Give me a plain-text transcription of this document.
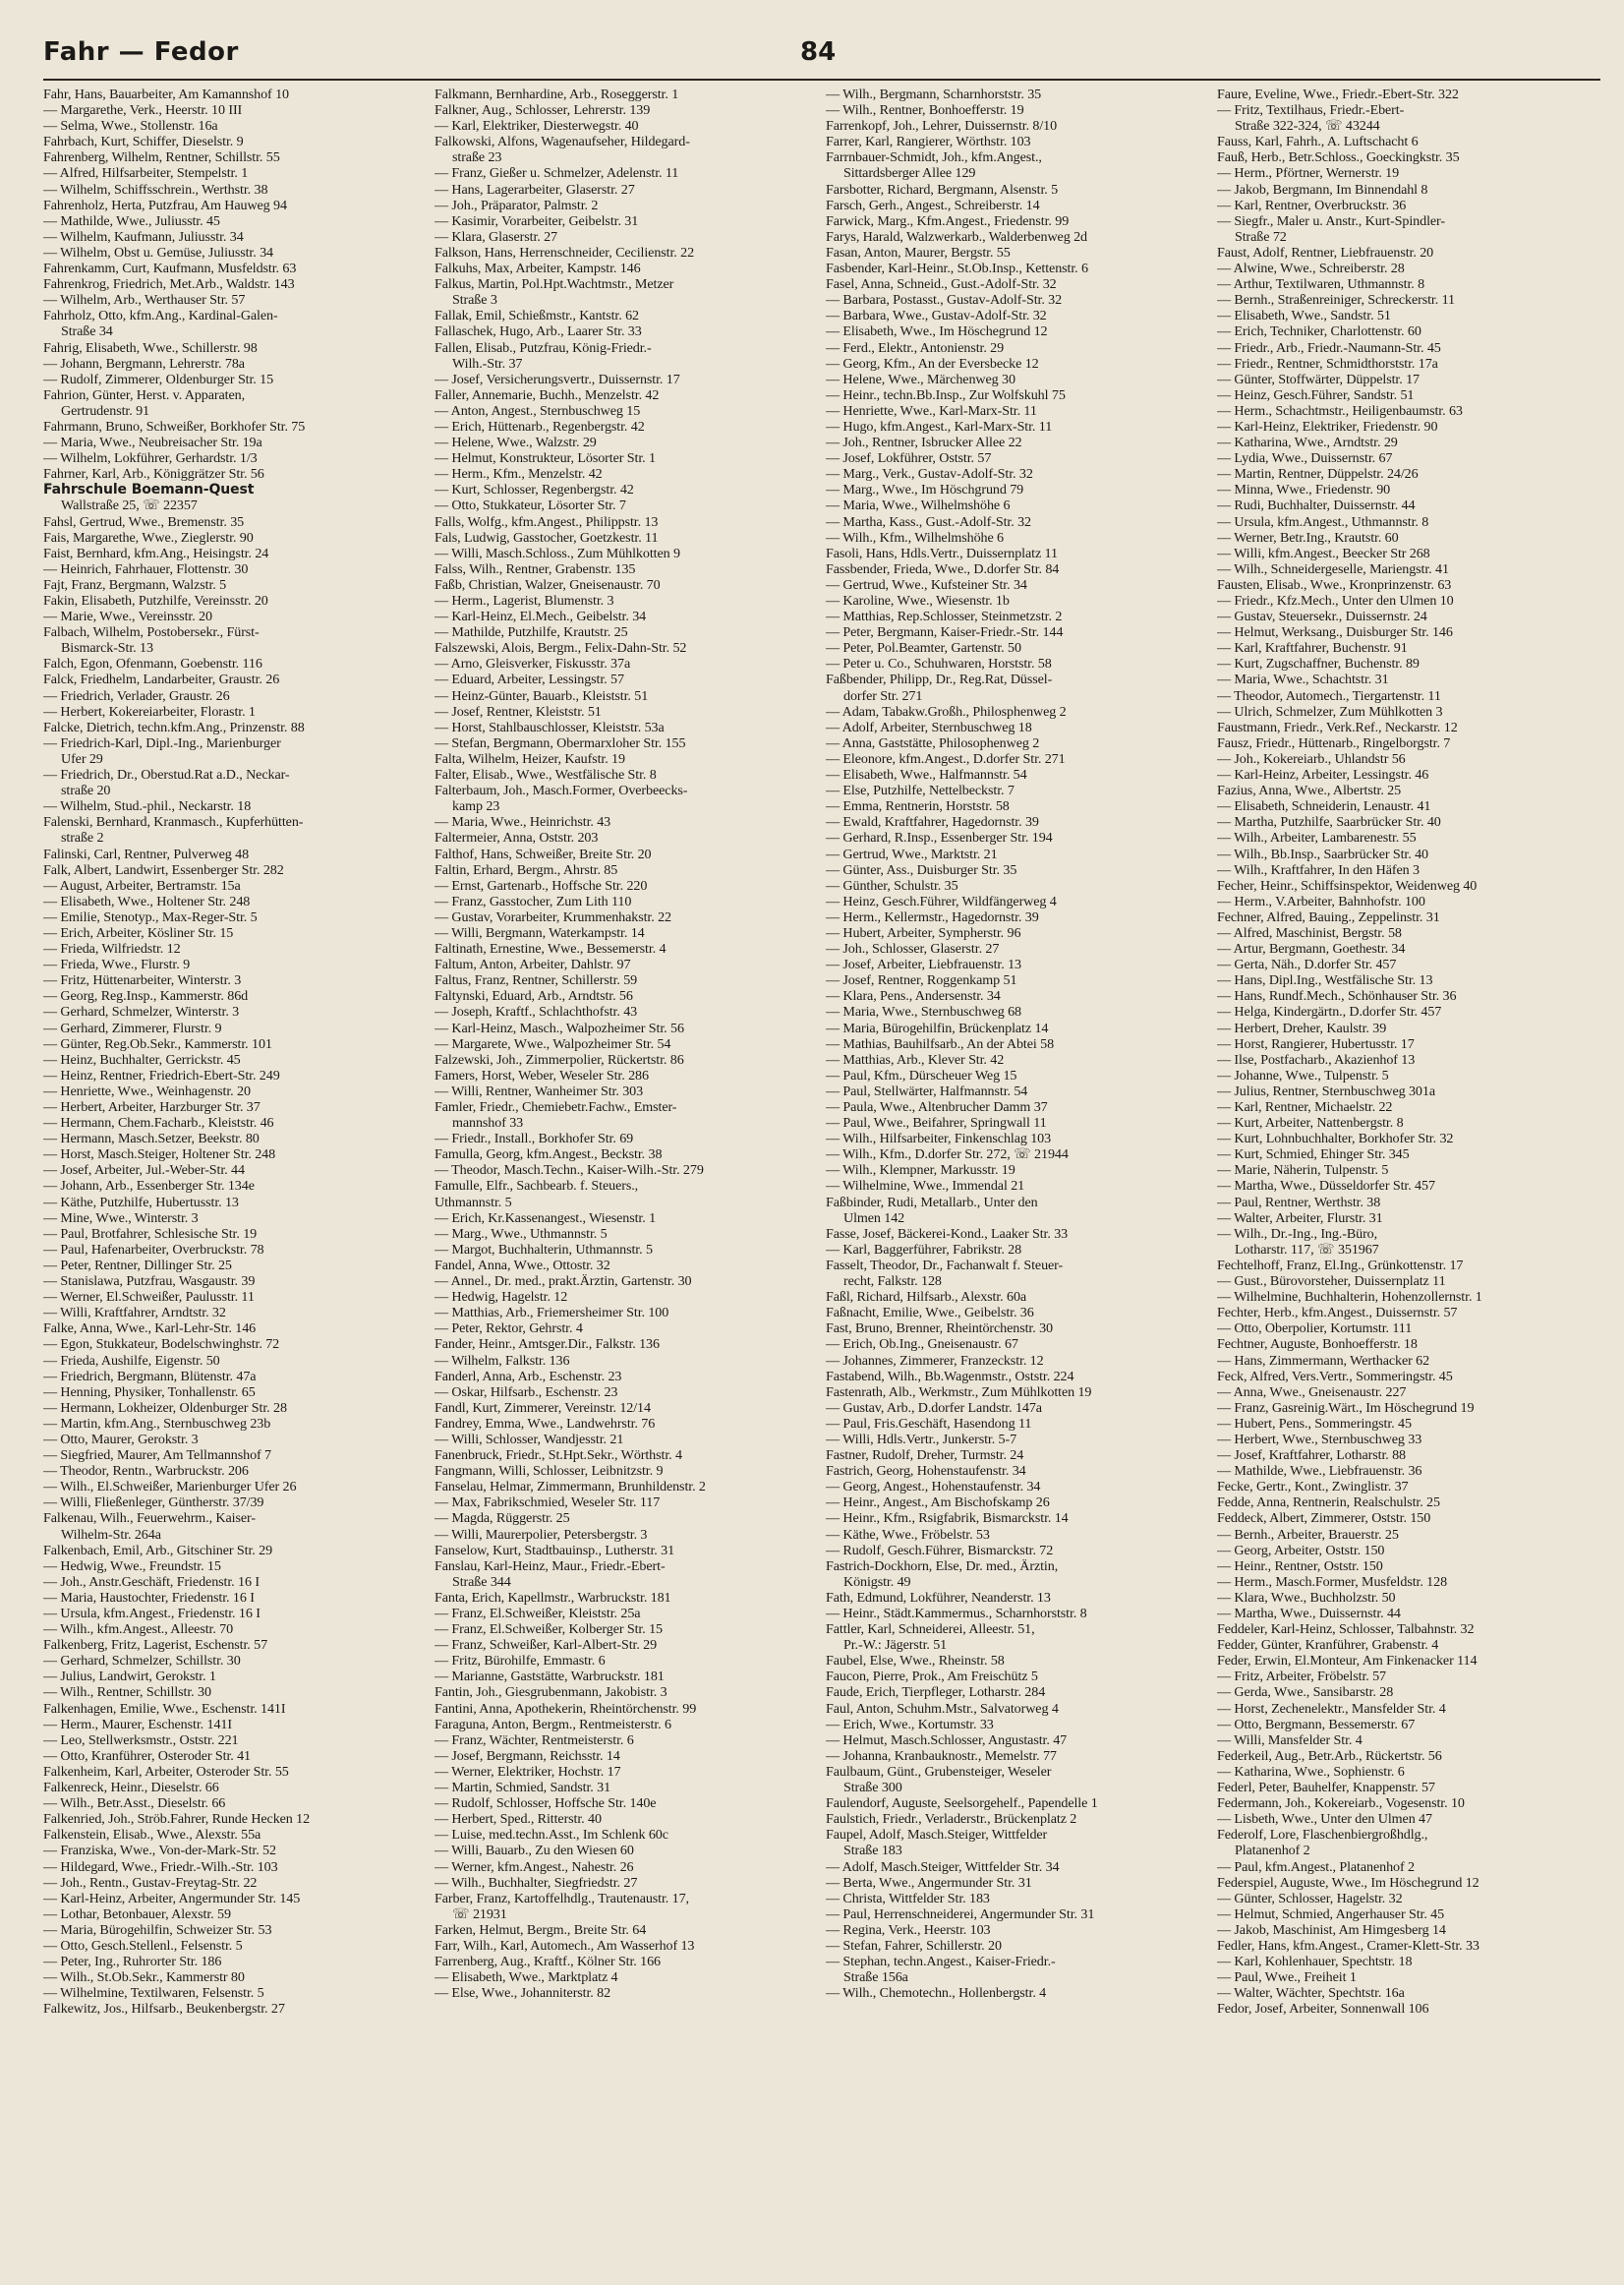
Fahr — Fedor	84
Fahr, Hans, Bauarbeiter, Am Kamannshof 10
— Margarethe, Verk., Heerstr. 10 III
— Selma, Wwe., Stollenstr. 16a
Fahrbach, Kurt, Schiffer, Dieselstr. 9
Fahrenberg, Wilhelm, Rentner, Schillstr. 55
— Alfred, Hilfsarbeiter, Stempelstr. 1
— Wilhelm, Schiffsschrein., Werthstr. 38
Fahrenholz, Herta, Putzfrau, Am Hauweg 94
— Mathilde, Wwe., Juliusstr. 45
— Wilhelm, Kaufmann, Juliusstr. 34
— Wilhelm, Obst u. Gemüse, Juliusstr. 34
Fahrenkamm, Curt, Kaufmann, Musfeldstr. 63
Fahrenkrog, Friedrich, Met.Arb., Waldstr. 143
— Wilhelm, Arb., Werthauser Str. 57
Fahrholz, Otto, kfm.Ang., Kardinal-Galen-
Straße 34
Fahrig, Elisabeth, Wwe., Schillerstr. 98
— Johann, Bergmann, Lehrerstr. 78a
— Rudolf, Zimmerer, Oldenburger Str. 15
Fahrion, Günter, Herst. v. Apparaten,
Gertrudenstr. 91
Fahrmann, Bruno, Schweißer, Borkhofer Str. 75
— Maria, Wwe., Neubreisacher Str. 19a
— Wilhelm, Lokführer, Gerhardstr. 1/3
Fahrner, Karl, Arb., Königgrätzer Str. 56
Fahrschule Boemann-Quest
Wallstraße 25, ☏ 22357
Fahsl, Gertrud, Wwe., Bremenstr. 35
Fais, Margarethe, Wwe., Zieglerstr. 90
Faist, Bernhard, kfm.Ang., Heisingstr. 24
— Heinrich, Fahrhauer, Flottenstr. 30
Fajt, Franz, Bergmann, Walzstr. 5
Fakin, Elisabeth, Putzhilfe, Vereinsstr. 20
— Marie, Wwe., Vereinsstr. 20
Falbach, Wilhelm, Postobersekr., Fürst-
Bismarck-Str. 13
Falch, Egon, Ofenmann, Goebenstr. 116
Falck, Friedhelm, Landarbeiter, Graustr. 26
— Friedrich, Verlader, Graustr. 26
— Herbert, Kokereiarbeiter, Florastr. 1
Falcke, Dietrich, techn.kfm.Ang., Prinzenstr. 88
— Friedrich-Karl, Dipl.-Ing., Marienburger
Ufer 29
— Friedrich, Dr., Oberstud.Rat a.D., Neckar-
straße 20
— Wilhelm, Stud.-phil., Neckarstr. 18
Falenski, Bernhard, Kranmasch., Kupferhütten-
straße 2
Falinski, Carl, Rentner, Pulverweg 48
Falk, Albert, Landwirt, Essenberger Str. 282
— August, Arbeiter, Bertramstr. 15a
— Elisabeth, Wwe., Holtener Str. 248
— Emilie, Stenotyp., Max-Reger-Str. 5
— Erich, Arbeiter, Kösliner Str. 15
— Frieda, Wilfriedstr. 12
— Frieda, Wwe., Flurstr. 9
— Fritz, Hüttenarbeiter, Winterstr. 3
— Georg, Reg.Insp., Kammerstr. 86d
— Gerhard, Schmelzer, Winterstr. 3
— Gerhard, Zimmerer, Flurstr. 9
— Günter, Reg.Ob.Sekr., Kammerstr. 101
— Heinz, Buchhalter, Gerrickstr. 45
— Heinz, Rentner, Friedrich-Ebert-Str. 249
— Henriette, Wwe., Weinhagenstr. 20
— Herbert, Arbeiter, Harzburger Str. 37
— Hermann, Chem.Facharb., Kleiststr. 46
— Hermann, Masch.Setzer, Beekstr. 80
— Horst, Masch.Steiger, Holtener Str. 248
— Josef, Arbeiter, Jul.-Weber-Str. 44
— Johann, Arb., Essenberger Str. 134e
— Käthe, Putzhilfe, Hubertusstr. 13
— Mine, Wwe., Winterstr. 3
— Paul, Brotfahrer, Schlesische Str. 19
— Paul, Hafenarbeiter, Overbruckstr. 78
— Peter, Rentner, Dillinger Str. 25
— Stanislawa, Putzfrau, Wasgaustr. 39
— Werner, El.Schweißer, Paulusstr. 11
— Willi, Kraftfahrer, Arndtstr. 32
Falke, Anna, Wwe., Karl-Lehr-Str. 146
— Egon, Stukkateur, Bodelschwinghstr. 72
— Frieda, Aushilfe, Eigenstr. 50
— Friedrich, Bergmann, Blütenstr. 47a
— Henning, Physiker, Tonhallenstr. 65
— Hermann, Lokheizer, Oldenburger Str. 28
— Martin, kfm.Ang., Sternbuschweg 23b
— Otto, Maurer, Gerokstr. 3
— Siegfried, Maurer, Am Tellmannshof 7
— Theodor, Rentn., Warbruckstr. 206
— Wilh., El.Schweißer, Marienburger Ufer 26
— Willi, Fließenleger, Güntherstr. 37/39
Falkenau, Wilh., Feuerwehrm., Kaiser-
Wilhelm-Str. 264a
Falkenbach, Emil, Arb., Gitschiner Str. 29
— Hedwig, Wwe., Freundstr. 15
— Joh., Anstr.Geschäft, Friedenstr. 16 I
— Maria, Haustochter, Friedenstr. 16 I
— Ursula, kfm.Angest., Friedenstr. 16 I
— Wilh., kfm.Angest., Alleestr. 70
Falkenberg, Fritz, Lagerist, Eschenstr. 57
— Gerhard, Schmelzer, Schillstr. 30
— Julius, Landwirt, Gerokstr. 1
— Wilh., Rentner, Schillstr. 30
Falkenhagen, Emilie, Wwe., Eschenstr. 141I
— Herm., Maurer, Eschenstr. 141I
— Leo, Stellwerksmstr., Oststr. 221
— Otto, Kranführer, Osteroder Str. 41
Falkenheim, Karl, Arbeiter, Osteroder Str. 55
Falkenreck, Heinr., Dieselstr. 66
— Wilh., Betr.Asst., Dieselstr. 66
Falkenried, Joh., Ströb.Fahrer, Runde Hecken 12
Falkenstein, Elisab., Wwe., Alexstr. 55a
— Franziska, Wwe., Von-der-Mark-Str. 52
— Hildegard, Wwe., Friedr.-Wilh.-Str. 103
— Joh., Rentn., Gustav-Freytag-Str. 22
— Karl-Heinz, Arbeiter, Angermunder Str. 145
— Lothar, Betonbauer, Alexstr. 59
— Maria, Bürogehilfin, Schweizer Str. 53
— Otto, Gesch.Stellenl., Felsenstr. 5
— Peter, Ing., Ruhrorter Str. 186
— Wilh., St.Ob.Sekr., Kammerstr 80
— Wilhelmine, Textilwaren, Felsenstr. 5
Falkewitz, Jos., Hilfsarb., Beukenbergstr. 27
Falkmann, Bernhardine, Arb., Roseggerstr. 1
Falkner, Aug., Schlosser, Lehrerstr. 139
— Karl, Elektriker, Diesterwegstr. 40
Falkowski, Alfons, Wagenaufseher, Hildegard-
straße 23
— Franz, Gießer u. Schmelzer, Adelenstr. 11
— Hans, Lagerarbeiter, Glaserstr. 27
— Joh., Präparator, Palmstr. 2
— Kasimir, Vorarbeiter, Geibelstr. 31
— Klara, Glaserstr. 27
Falkson, Hans, Herrenschneider, Cecilienstr. 22
Falkuhs, Max, Arbeiter, Kampstr. 146
Falkus, Martin, Pol.Hpt.Wachtmstr., Metzer
Straße 3
Fallak, Emil, Schießmstr., Kantstr. 62
Fallaschek, Hugo, Arb., Laarer Str. 33
Fallen, Elisab., Putzfrau, König-Friedr.-
Wilh.-Str. 37
— Josef, Versicherungsvertr., Duissernstr. 17
Faller, Annemarie, Buchh., Menzelstr. 42
— Anton, Angest., Sternbuschweg 15
— Erich, Hüttenarb., Regenbergstr. 42
— Helene, Wwe., Walzstr. 29
— Helmut, Konstrukteur, Lösorter Str. 1
— Herm., Kfm., Menzelstr. 42
— Kurt, Schlosser, Regenbergstr. 42
— Otto, Stukkateur, Lösorter Str. 7
Falls, Wolfg., kfm.Angest., Philippstr. 13
Fals, Ludwig, Gasstocher, Goetzkestr. 11
— Willi, Masch.Schloss., Zum Mühlkotten 9
Falss, Wilh., Rentner, Grabenstr. 135
Faßb, Christian, Walzer, Gneisenaustr. 70
— Herm., Lagerist, Blumenstr. 3
— Karl-Heinz, El.Mech., Geibelstr. 34
— Mathilde, Putzhilfe, Krautstr. 25
Falszewski, Alois, Bergm., Felix-Dahn-Str. 52
— Arno, Gleisverker, Fiskusstr. 37a
— Eduard, Arbeiter, Lessingstr. 57
— Heinz-Günter, Bauarb., Kleiststr. 51
— Josef, Rentner, Kleiststr. 51
— Horst, Stahlbauschlosser, Kleiststr. 53a
— Stefan, Bergmann, Obermarxloher Str. 155
Falta, Wilhelm, Heizer, Kaufstr. 19
Falter, Elisab., Wwe., Westfälische Str. 8
Falterbaum, Joh., Masch.Former, Overbeecks-
kamp 23
— Maria, Wwe., Heinrichstr. 43
Faltermeier, Anna, Oststr. 203
Falthof, Hans, Schweißer, Breite Str. 20
Faltin, Erhard, Bergm., Ahrstr. 85
— Ernst, Gartenarb., Hoffsche Str. 220
— Franz, Gasstocher, Zum Lith 110
— Gustav, Vorarbeiter, Krummenhakstr. 22
— Willi, Bergmann, Waterkampstr. 14
Faltinath, Ernestine, Wwe., Bessemerstr. 4
Faltum, Anton, Arbeiter, Dahlstr. 97
Faltus, Franz, Rentner, Schillerstr. 59
Faltynski, Eduard, Arb., Arndtstr. 56
— Joseph, Kraftf., Schlachthofstr. 43
— Karl-Heinz, Masch., Walpozheimer Str. 56
— Margarete, Wwe., Walpozheimer Str. 54
Falzewski, Joh., Zimmerpolier, Rückertstr. 86
Famers, Horst, Weber, Weseler Str. 286
— Willi, Rentner, Wanheimer Str. 303
Famler, Friedr., Chemiebetr.Fachw., Emster-
mannshof 33
— Friedr., Install., Borkhofer Str. 69
Famulla, Georg, kfm.Angest., Beckstr. 38
— Theodor, Masch.Techn., Kaiser-Wilh.-Str. 279
Famulle, Elfr., Sachbearb. f. Steuers.,
Uthmannstr. 5
— Erich, Kr.Kassenangest., Wiesenstr. 1
— Marg., Wwe., Uthmannstr. 5
— Margot, Buchhalterin, Uthmannstr. 5
Fandel, Anna, Wwe., Ottostr. 32
— Annel., Dr. med., prakt.Ärztin, Gartenstr. 30
— Hedwig, Hagelstr. 12
— Matthias, Arb., Friemersheimer Str. 100
— Peter, Rektor, Gehrstr. 4
Fander, Heinr., Amtsger.Dir., Falkstr. 136
— Wilhelm, Falkstr. 136
Fanderl, Anna, Arb., Eschenstr. 23
— Oskar, Hilfsarb., Eschenstr. 23
Fandl, Kurt, Zimmerer, Vereinstr. 12/14
Fandrey, Emma, Wwe., Landwehrstr. 76
— Willi, Schlosser, Wandjesstr. 21
Fanenbruck, Friedr., St.Hpt.Sekr., Wörthstr. 4
Fangmann, Willi, Schlosser, Leibnitzstr. 9
Fanselau, Helmar, Zimmermann, Brunhildenstr. 2
— Max, Fabrikschmied, Weseler Str. 117
— Magda, Rüggerstr. 25
— Willi, Maurerpolier, Petersbergstr. 3
Fanselow, Kurt, Stadtbauinsp., Lutherstr. 31
Fanslau, Karl-Heinz, Maur., Friedr.-Ebert-
Straße 344
Fanta, Erich, Kapellmstr., Warbruckstr. 181
— Franz, El.Schweißer, Kleiststr. 25a
— Franz, El.Schweißer, Kolberger Str. 15
— Franz, Schweißer, Karl-Albert-Str. 29
— Fritz, Bürohilfe, Emmastr. 6
— Marianne, Gaststätte, Warbruckstr. 181
Fantin, Joh., Giesgrubenmann, Jakobistr. 3
Fantini, Anna, Apothekerin, Rheintörchenstr. 99
Faraguna, Anton, Bergm., Rentmeisterstr. 6
— Franz, Wächter, Rentmeisterstr. 6
— Josef, Bergmann, Reichsstr. 14
— Werner, Elektriker, Hochstr. 17
— Martin, Schmied, Sandstr. 31
— Rudolf, Schlosser, Hoffsche Str. 140e
— Herbert, Sped., Ritterstr. 40
— Luise, med.techn.Asst., Im Schlenk 60c
— Willi, Bauarb., Zu den Wiesen 60
— Werner, kfm.Angest., Nahestr. 26
— Wilh., Buchhalter, Siegfriedstr. 27
Farber, Franz, Kartoffelhdlg., Trautenaustr. 17,
☏ 21931
Farken, Helmut, Bergm., Breite Str. 64
Farr, Wilh., Karl, Automech., Am Wasserhof 13
Farrenberg, Aug., Kraftf., Kölner Str. 166
— Elisabeth, Wwe., Marktplatz 4
— Else, Wwe., Johanniterstr. 82
— Wilh., Bergmann, Scharnhorststr. 35
— Wilh., Rentner, Bonhoefferstr. 19
Farrenkopf, Joh., Lehrer, Duissernstr. 8/10
Farrer, Karl, Rangierer, Wörthstr. 103
Farrnbauer-Schmidt, Joh., kfm.Angest.,
Sittardsberger Allee 129
Farsbotter, Richard, Bergmann, Alsenstr. 5
Farsch, Gerh., Angest., Schreiberstr. 14
Farwick, Marg., Kfm.Angest., Friedenstr. 99
Farys, Harald, Walzwerkarb., Walderbenweg 2d
Fasan, Anton, Maurer, Bergstr. 55
Fasbender, Karl-Heinr., St.Ob.Insp., Kettenstr. 6
Fasel, Anna, Schneid., Gust.-Adolf-Str. 32
— Barbara, Postasst., Gustav-Adolf-Str. 32
— Barbara, Wwe., Gustav-Adolf-Str. 32
— Elisabeth, Wwe., Im Höschegrund 12
— Ferd., Elektr., Antonienstr. 29
— Georg, Kfm., An der Eversbecke 12
— Helene, Wwe., Märchenweg 30
— Heinr., techn.Bb.Insp., Zur Wolfskuhl 75
— Henriette, Wwe., Karl-Marx-Str. 11
— Hugo, kfm.Angest., Karl-Marx-Str. 11
— Joh., Rentner, Isbrucker Allee 22
— Josef, Lokführer, Oststr. 57
— Marg., Verk., Gustav-Adolf-Str. 32
— Marg., Wwe., Im Höschgrund 79
— Maria, Wwe., Wilhelmshöhe 6
— Martha, Kass., Gust.-Adolf-Str. 32
— Wilh., Kfm., Wilhelmshöhe 6
Fasoli, Hans, Hdls.Vertr., Duissernplatz 11
Fassbender, Frieda, Wwe., D.dorfer Str. 84
— Gertrud, Wwe., Kufsteiner Str. 34
— Karoline, Wwe., Wiesenstr. 1b
— Matthias, Rep.Schlosser, Steinmetzstr. 2
— Peter, Bergmann, Kaiser-Friedr.-Str. 144
— Peter, Pol.Beamter, Gartenstr. 50
— Peter u. Co., Schuhwaren, Horststr. 58
Faßbender, Philipp, Dr., Reg.Rat, Düssel-
dorfer Str. 271
— Adam, Tabakw.Großh., Philosphenweg 2
— Adolf, Arbeiter, Sternbuschweg 18
— Anna, Gaststätte, Philosophenweg 2
— Eleonore, kfm.Angest., D.dorfer Str. 271
— Elisabeth, Wwe., Halfmannstr. 54
— Else, Putzhilfe, Nettelbeckstr. 7
— Emma, Rentnerin, Horststr. 58
— Ewald, Kraftfahrer, Hagedornstr. 39
— Gerhard, R.Insp., Essenberger Str. 194
— Gertrud, Wwe., Marktstr. 21
— Günter, Ass., Duisburger Str. 35
— Günther, Schulstr. 35
— Heinz, Gesch.Führer, Wildfängerweg 4
— Herm., Kellermstr., Hagedornstr. 39
— Hubert, Arbeiter, Sympherstr. 96
— Joh., Schlosser, Glaserstr. 27
— Josef, Arbeiter, Liebfrauenstr. 13
— Josef, Rentner, Roggenkamp 51
— Klara, Pens., Andersenstr. 34
— Maria, Wwe., Sternbuschweg 68
— Maria, Bürogehilfin, Brückenplatz 14
— Mathias, Bauhilfsarb., An der Abtei 58
— Matthias, Arb., Klever Str. 42
— Paul, Kfm., Dürscheuer Weg 15
— Paul, Stellwärter, Halfmannstr. 54
— Paula, Wwe., Altenbrucher Damm 37
— Paul, Wwe., Beifahrer, Springwall 11
— Wilh., Hilfsarbeiter, Finkenschlag 103
— Wilh., Kfm., D.dorfer Str. 272, ☏ 21944
— Wilh., Klempner, Markusstr. 19
— Wilhelmine, Wwe., Immendal 21
Faßbinder, Rudi, Metallarb., Unter den
Ulmen 142
Fasse, Josef, Bäckerei-Kond., Laaker Str. 33
— Karl, Baggerführer, Fabrikstr. 28
Fasselt, Theodor, Dr., Fachanwalt f. Steuer-
recht, Falkstr. 128
Faßl, Richard, Hilfsarb., Alexstr. 60a
Faßnacht, Emilie, Wwe., Geibelstr. 36
Fast, Bruno, Brenner, Rheintörchenstr. 30
— Erich, Ob.Ing., Gneisenaustr. 67
— Johannes, Zimmerer, Franzeckstr. 12
Fastabend, Wilh., Bb.Wagenmstr., Oststr. 224
Fastenrath, Alb., Werkmstr., Zum Mühlkotten 19
— Gustav, Arb., D.dorfer Landstr. 147a
— Paul, Fris.Geschäft, Hasendong 11
— Willi, Hdls.Vertr., Junkerstr. 5-7
Fastner, Rudolf, Dreher, Turmstr. 24
Fastrich, Georg, Hohenstaufenstr. 34
— Georg, Angest., Hohenstaufenstr. 34
— Heinr., Angest., Am Bischofskamp 26
— Heinr., Kfm., Rsigfabrik, Bismarckstr. 14
— Käthe, Wwe., Fröbelstr. 53
— Rudolf, Gesch.Führer, Bismarckstr. 72
Fastrich-Dockhorn, Else, Dr. med., Ärztin,
Königstr. 49
Fath, Edmund, Lokführer, Neanderstr. 13
— Heinr., Städt.Kammermus., Scharnhorststr. 8
Fattler, Karl, Schneiderei, Alleestr. 51,
Pr.-W.: Jägerstr. 51
Faubel, Else, Wwe., Rheinstr. 58
Faucon, Pierre, Prok., Am Freischütz 5
Faude, Erich, Tierpfleger, Lotharstr. 284
Faul, Anton, Schuhm.Mstr., Salvatorweg 4
— Erich, Wwe., Kortumstr. 33
— Helmut, Masch.Schlosser, Angustastr. 47
— Johanna, Kranbauknostr., Memelstr. 77
Faulbaum, Günt., Grubensteiger, Weseler
Straße 300
Faulendorf, Auguste, Seelsorgehelf., Papendelle 1
Faulstich, Friedr., Verladerstr., Brückenplatz 2
Faupel, Adolf, Masch.Steiger, Wittfelder
Straße 183
— Adolf, Masch.Steiger, Wittfelder Str. 34
— Berta, Wwe., Angermunder Str. 31
— Christa, Wittfelder Str. 183
— Paul, Herrenschneiderei, Angermunder Str. 31
— Regina, Verk., Heerstr. 103
— Stefan, Fahrer, Schillerstr. 20
— Stephan, techn.Angest., Kaiser-Friedr.-
Straße 156a
— Wilh., Chemotechn., Hollenbergstr. 4
Faure, Eveline, Wwe., Friedr.-Ebert-Str. 322
— Fritz, Textilhaus, Friedr.-Ebert-
Straße 322-324, ☏ 43244
Fauss, Karl, Fahrh., A. Luftschacht 6
Fauß, Herb., Betr.Schloss., Goeckingkstr. 35
— Herm., Pförtner, Wernerstr. 19
— Jakob, Bergmann, Im Binnendahl 8
— Karl, Rentner, Overbruckstr. 36
— Siegfr., Maler u. Anstr., Kurt-Spindler-
Straße 72
Faust, Adolf, Rentner, Liebfrauenstr. 20
— Alwine, Wwe., Schreiberstr. 28
— Arthur, Textilwaren, Uthmannstr. 8
— Bernh., Straßenreiniger, Schreckerstr. 11
— Elisabeth, Wwe., Sandstr. 51
— Erich, Techniker, Charlottenstr. 60
— Friedr., Arb., Friedr.-Naumann-Str. 45
— Friedr., Rentner, Schmidthorststr. 17a
— Günter, Stoffwärter, Düppelstr. 17
— Heinz, Gesch.Führer, Sandstr. 51
— Herm., Schachtmstr., Heiligenbaumstr. 63
— Karl-Heinz, Elektriker, Friedenstr. 90
— Katharina, Wwe., Arndtstr. 29
— Lydia, Wwe., Duissernstr. 67
— Martin, Rentner, Düppelstr. 24/26
— Minna, Wwe., Friedenstr. 90
— Rudi, Buchhalter, Duissernstr. 44
— Ursula, kfm.Angest., Uthmannstr. 8
— Werner, Betr.Ing., Krautstr. 60
— Willi, kfm.Angest., Beecker Str 268
— Wilh., Schneidergeselle, Mariengstr. 41
Fausten, Elisab., Wwe., Kronprinzenstr. 63
— Friedr., Kfz.Mech., Unter den Ulmen 10
— Gustav, Steuersekr., Duissernstr. 24
— Helmut, Werksang., Duisburger Str. 146
— Karl, Kraftfahrer, Buchenstr. 91
— Kurt, Zugschaffner, Buchenstr. 89
— Maria, Wwe., Schachtstr. 31
— Theodor, Automech., Tiergartenstr. 11
— Ulrich, Schmelzer, Zum Mühlkotten 3
Faustmann, Friedr., Verk.Ref., Neckarstr. 12
Fausz, Friedr., Hüttenarb., Ringelborgstr. 7
— Joh., Kokereiarb., Uhlandstr 56
— Karl-Heinz, Arbeiter, Lessingstr. 46
Fazius, Anna, Wwe., Albertstr. 25
— Elisabeth, Schneiderin, Lenaustr. 41
— Martha, Putzhilfe, Saarbrücker Str. 40
— Wilh., Arbeiter, Lambarenestr. 55
— Wilh., Bb.Insp., Saarbrücker Str. 40
— Wilh., Kraftfahrer, In den Häfen 3
Fecher, Heinr., Schiffsinspektor, Weidenweg 40
— Herm., V.Arbeiter, Bahnhofstr. 100
Fechner, Alfred, Bauing., Zeppelinstr. 31
— Alfred, Maschinist, Bergstr. 58
— Artur, Bergmann, Goethestr. 34
— Gerta, Näh., D.dorfer Str. 457
— Hans, Dipl.Ing., Westfälische Str. 13
— Hans, Rundf.Mech., Schönhauser Str. 36
— Helga, Kindergärtn., D.dorfer Str. 457
— Herbert, Dreher, Kaulstr. 39
— Horst, Rangierer, Hubertusstr. 17
— Ilse, Postfacharb., Akazienhof 13
— Johanne, Wwe., Tulpenstr. 5
— Julius, Rentner, Sternbuschweg 301a
— Karl, Rentner, Michaelstr. 22
— Kurt, Arbeiter, Nattenbergstr. 8
— Kurt, Lohnbuchhalter, Borkhofer Str. 32
— Kurt, Schmied, Ehinger Str. 345
— Marie, Näherin, Tulpenstr. 5
— Martha, Wwe., Düsseldorfer Str. 457
— Paul, Rentner, Werthstr. 38
— Walter, Arbeiter, Flurstr. 31
— Wilh., Dr.-Ing., Ing.-Büro,
Lotharstr. 117, ☏ 351967
Fechtelhoff, Franz, El.Ing., Grünkottenstr. 17
— Gust., Bürovorsteher, Duissernplatz 11
— Wilhelmine, Buchhalterin, Hohenzollernstr. 1
Fechter, Herb., kfm.Angest., Duissernstr. 57
— Otto, Oberpolier, Kortumstr. 111
Fechtner, Auguste, Bonhoefferstr. 18
— Hans, Zimmermann, Werthacker 62
Feck, Alfred, Vers.Vertr., Sommeringstr. 45
— Anna, Wwe., Gneisenaustr. 227
— Franz, Gasreinig.Wärt., Im Höschegrund 19
— Hubert, Pens., Sommeringstr. 45
— Herbert, Wwe., Sternbuschweg 33
— Josef, Kraftfahrer, Lotharstr. 88
— Mathilde, Wwe., Liebfrauenstr. 36
Fecke, Gertr., Kont., Zwinglistr. 37
Fedde, Anna, Rentnerin, Realschulstr. 25
Feddeck, Albert, Zimmerer, Oststr. 150
— Bernh., Arbeiter, Brauerstr. 25
— Georg, Arbeiter, Oststr. 150
— Heinr., Rentner, Oststr. 150
— Herm., Masch.Former, Musfeldstr. 128
— Klara, Wwe., Buchholzstr. 50
— Martha, Wwe., Duissernstr. 44
Feddeler, Karl-Heinz, Schlosser, Talbahnstr. 32
Fedder, Günter, Kranführer, Grabenstr. 4
Feder, Erwin, El.Monteur, Am Finkenacker 114
— Fritz, Arbeiter, Fröbelstr. 57
— Gerda, Wwe., Sansibarstr. 28
— Horst, Zechenelektr., Mansfelder Str. 4
— Otto, Bergmann, Bessemerstr. 67
— Willi, Mansfelder Str. 4
Federkeil, Aug., Betr.Arb., Rückertstr. 56
— Katharina, Wwe., Sophienstr. 6
Federl, Peter, Bauhelfer, Knappenstr. 57
Federmann, Joh., Kokereiarb., Vogesenstr. 10
— Lisbeth, Wwe., Unter den Ulmen 47
Federolf, Lore, Flaschenbiergroßhdlg.,
Platanenhof 2
— Paul, kfm.Angest., Platanenhof 2
Federspiel, Auguste, Wwe., Im Höschegrund 12
— Günter, Schlosser, Hagelstr. 32
— Helmut, Schmied, Angerhauser Str. 45
— Jakob, Maschinist, Am Himgesberg 14
Fedler, Hans, kfm.Angest., Cramer-Klett-Str. 33
— Karl, Kohlenhauer, Spechtstr. 18
— Paul, Wwe., Freiheit 1
— Walter, Wächter, Spechtstr. 16a
Fedor, Josef, Arbeiter, Sonnenwall 106
